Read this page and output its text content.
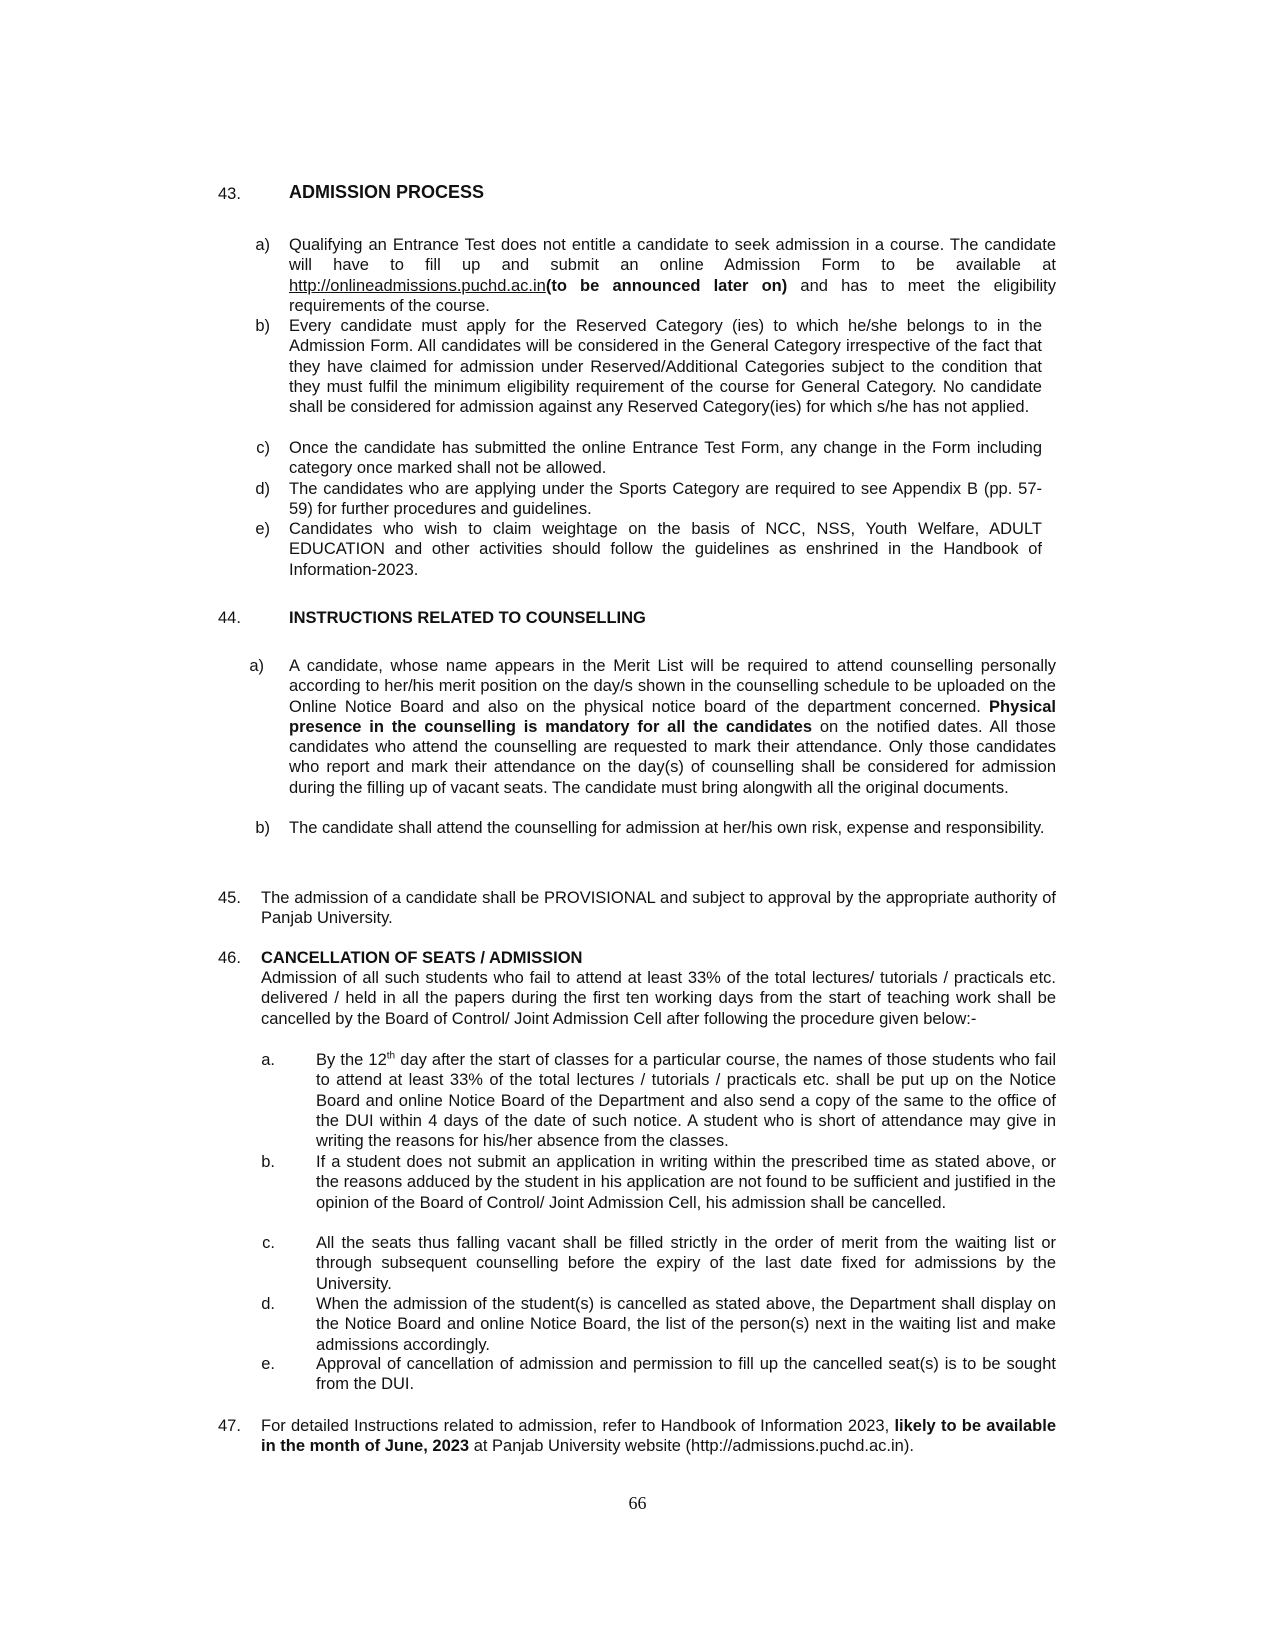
43.	ADMISSION PROCESS
a) Qualifying an Entrance Test does not entitle a candidate to seek admission in a course. The candidate will have to fill up and submit an online Admission Form to be available at http://onlineadmissions.puchd.ac.in(to be announced later on) and has to meet the eligibility requirements of the course.
b) Every candidate must apply for the Reserved Category (ies) to which he/she belongs to in the Admission Form. All candidates will be considered in the General Category irrespective of the fact that they have claimed for admission under Reserved/Additional Categories subject to the condition that they must fulfil the minimum eligibility requirement of the course for General Category. No candidate shall be considered for admission against any Reserved Category(ies) for which s/he has not applied.
c) Once the candidate has submitted the online Entrance Test Form, any change in the Form including category once marked shall not be allowed.
d) The candidates who are applying under the Sports Category are required to see Appendix B (pp. 57-59) for further procedures and guidelines.
e) Candidates who wish to claim weightage on the basis of NCC, NSS, Youth Welfare, ADULT EDUCATION and other activities should follow the guidelines as enshrined in the Handbook of Information-2023.
44.	INSTRUCTIONS RELATED TO COUNSELLING
a) A candidate, whose name appears in the Merit List will be required to attend counselling personally according to her/his merit position on the day/s shown in the counselling schedule to be uploaded on the Online Notice Board and also on the physical notice board of the department concerned. Physical presence in the counselling is mandatory for all the candidates on the notified dates. All those candidates who attend the counselling are requested to mark their attendance. Only those candidates who report and mark their attendance on the day(s) of counselling shall be considered for admission during the filling up of vacant seats. The candidate must bring alongwith all the original documents.
b) The candidate shall attend the counselling for admission at her/his own risk, expense and responsibility.
45. The admission of a candidate shall be PROVISIONAL and subject to approval by the appropriate authority of Panjab University.
46. CANCELLATION OF SEATS / ADMISSION
Admission of all such students who fail to attend at least 33% of the total lectures/ tutorials / practicals etc. delivered / held in all the papers during the first ten working days from the start of teaching work shall be cancelled by the Board of Control/ Joint Admission Cell after following the procedure given below:-
a. By the 12th day after the start of classes for a particular course, the names of those students who fail to attend at least 33% of the total lectures / tutorials / practicals etc. shall be put up on the Notice Board and online Notice Board of the Department and also send a copy of the same to the office of the DUI within 4 days of the date of such notice. A student who is short of attendance may give in writing the reasons for his/her absence from the classes.
b. If a student does not submit an application in writing within the prescribed time as stated above, or the reasons adduced by the student in his application are not found to be sufficient and justified in the opinion of the Board of Control/ Joint Admission Cell, his admission shall be cancelled.
c. All the seats thus falling vacant shall be filled strictly in the order of merit from the waiting list or through subsequent counselling before the expiry of the last date fixed for admissions by the University.
d. When the admission of the student(s) is cancelled as stated above, the Department shall display on the Notice Board and online Notice Board, the list of the person(s) next in the waiting list and make admissions accordingly.
e. Approval of cancellation of admission and permission to fill up the cancelled seat(s) is to be sought from the DUI.
47. For detailed Instructions related to admission, refer to Handbook of Information 2023, likely to be available in the month of June, 2023 at Panjab University website (http://admissions.puchd.ac.in).
66
